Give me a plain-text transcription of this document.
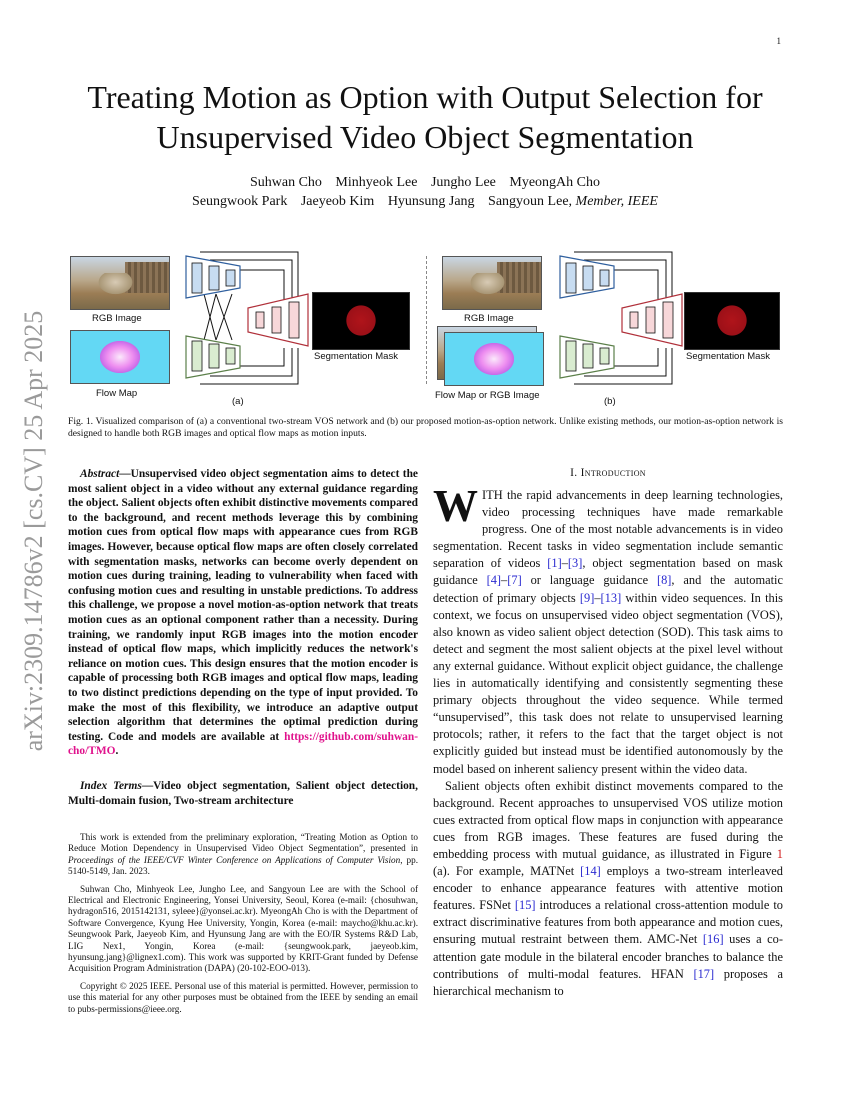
1
arXiv:2309.14786v2 [cs.CV] 25 Apr 2025
Treating Motion as Option with Output Selection for Unsupervised Video Object Segmentation
Suhwan Cho Minhyeok Lee Jungho Lee MyeongAh Cho
Seungwook Park Jaeyeob Kim Hyunsung Jang Sangyoun Lee, Member, IEEE
RGB Image
Flow Map
Segmentation Mask
(a)
RGB Image
Flow Map or RGB Image
Segmentation Mask
(b)
Fig. 1. Visualized comparison of (a) a conventional two-stream VOS network and (b) our proposed motion-as-option network. Unlike existing methods, our motion-as-option network is designed to handle both RGB images and optical flow maps as motion inputs.
Abstract—Unsupervised video object segmentation aims to detect the most salient object in a video without any external guidance regarding the object. Salient objects often exhibit distinctive movements compared to the background, and recent methods leverage this by combining motion cues from optical flow maps with appearance cues from RGB images. However, because optical flow maps are often closely correlated with segmentation masks, networks can become overly dependent on motion cues during training, leading to vulnerability when faced with confusing motion cues and resulting in unstable predictions. To address this challenge, we propose a novel motion-as-option network that treats motion cues as an optional component rather than a necessity. During training, we randomly input RGB images into the motion encoder instead of optical flow maps, which implicitly reduces the network's reliance on motion cues. This design ensures that the motion encoder is capable of processing both RGB images and optical flow maps, leading to two distinct predictions depending on the type of input provided. To make the most of this flexibility, we introduce an adaptive output selection algorithm that determines the optimal prediction during testing. Code and models are available at https://github.com/suhwan-cho/TMO.
Index Terms—Video object segmentation, Salient object detection, Multi-domain fusion, Two-stream architecture

This work is extended from the preliminary exploration, “Treating Motion as Option to Reduce Motion Dependency in Unsupervised Video Object Segmentation”, presented in Proceedings of the IEEE/CVF Winter Conference on Applications of Computer Vision, pp. 5140-5149, Jan. 2023.

Suhwan Cho, Minhyeok Lee, Jungho Lee, and Sangyoun Lee are with the School of Electrical and Electronic Engineering, Yonsei University, Seoul, Korea (e-mail: {chosuhwan, hydragon516, 2015142131, syleee}@yonsei.ac.kr). MyeongAh Cho is with the Department of Software Convergence, Kyung Hee University, Yongin, Korea (e-mail: maycho@khu.ac.kr). Seungwook Park, Jaeyeob Kim, and Hyunsung Jang are with the EO/IR Systems R&D Lab, LIG Nex1, Yongin, Korea (e-mail: {seungwook.park, jaeyeob.kim, hyunsung.jang}@lignex1.com). This work was supported by KRIT-Grant funded by Defense Acquisition Program Administration (DAPA) (20-102-EOO-013).

Copyright © 2025 IEEE. Personal use of this material is permitted. However, permission to use this material for any other purposes must be obtained from the IEEE by sending an email to pubs-permissions@ieee.org.

I. Introduction

WITH the rapid advancements in deep learning technologies, video processing techniques have made remarkable progress. One of the most notable advancements is in video segmentation. Recent tasks in video segmentation include semantic separation of videos [1]–[3], object segmentation based on mask guidance [4]–[7] or language guidance [8], and the automatic detection of primary objects [9]–[13] within video sequences. In this context, we focus on unsupervised video object segmentation (VOS), also known as video salient object detection (SOD). This task aims to detect and segment the most salient objects at the pixel level without any external guidance. Without explicit object guidance, the challenge lies in automatically identifying and consistently segmenting these primary objects throughout the video sequence. While termed “unsupervised”, this task does not relate to unsupervised learning protocols; rather, it refers to the fact that the target object is not explicitly guided but instead must be identified autonomously by the model based on inherent saliency present within the video data.

Salient objects often exhibit distinct movements compared to the background. Recent approaches to unsupervised VOS utilize motion cues extracted from optical flow maps in conjunction with appearance cues from RGB images. These features are fused during the embedding process with mutual guidance, as illustrated in Figure 1 (a). For example, MATNet [14] employs a two-stream interleaved encoder to enhance appearance features with attentive motion features. FSNet [15] introduces a relational cross-attention module to extract discriminative features from both appearance and motion cues, ensuring mutual restraint between them. AMC-Net [16] uses a co-attention gate module in the bilateral encoder branches to balance the contributions of multi-modal features. HFAN [17] proposes a hierarchical mechanism to
